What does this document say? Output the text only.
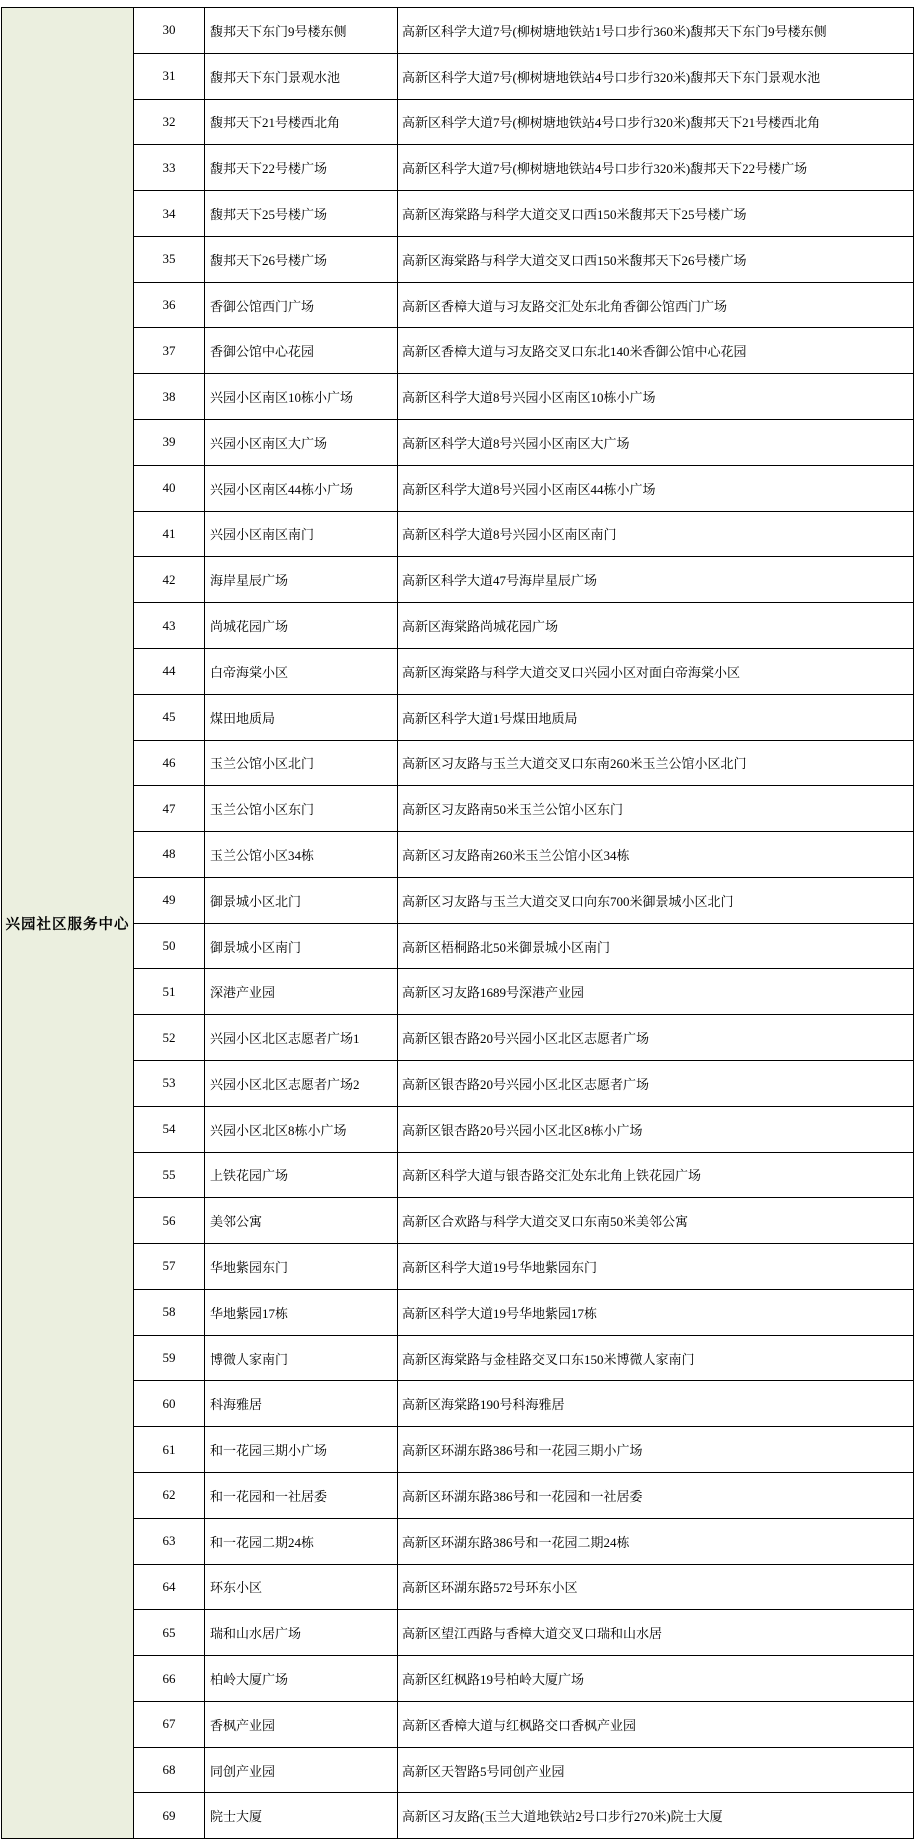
兴园社区服务中心
30	馥邦天下东门9号楼东侧	高新区科学大道7号(柳树塘地铁站1号口步行360米)馥邦天下东门9号楼东侧
31	馥邦天下东门景观水池	高新区科学大道7号(柳树塘地铁站4号口步行320米)馥邦天下东门景观水池
32	馥邦天下21号楼西北角	高新区科学大道7号(柳树塘地铁站4号口步行320米)馥邦天下21号楼西北角
33	馥邦天下22号楼广场	高新区科学大道7号(柳树塘地铁站4号口步行320米)馥邦天下22号楼广场
34	馥邦天下25号楼广场	高新区海棠路与科学大道交叉口西150米馥邦天下25号楼广场
35	馥邦天下26号楼广场	高新区海棠路与科学大道交叉口西150米馥邦天下26号楼广场
36	香御公馆西门广场	高新区香樟大道与习友路交汇处东北角香御公馆西门广场
37	香御公馆中心花园	高新区香樟大道与习友路交叉口东北140米香御公馆中心花园
38	兴园小区南区10栋小广场	高新区科学大道8号兴园小区南区10栋小广场
39	兴园小区南区大广场	高新区科学大道8号兴园小区南区大广场
40	兴园小区南区44栋小广场	高新区科学大道8号兴园小区南区44栋小广场
41	兴园小区南区南门	高新区科学大道8号兴园小区南区南门
42	海岸星辰广场	高新区科学大道47号海岸星辰广场
43	尚城花园广场	高新区海棠路尚城花园广场
44	白帝海棠小区	高新区海棠路与科学大道交叉口兴园小区对面白帝海棠小区
45	煤田地质局	高新区科学大道1号煤田地质局
46	玉兰公馆小区北门	高新区习友路与玉兰大道交叉口东南260米玉兰公馆小区北门
47	玉兰公馆小区东门	高新区习友路南50米玉兰公馆小区东门
48	玉兰公馆小区34栋	高新区习友路南260米玉兰公馆小区34栋
49	御景城小区北门	高新区习友路与玉兰大道交叉口向东700米御景城小区北门
50	御景城小区南门	高新区梧桐路北50米御景城小区南门
51	深港产业园	高新区习友路1689号深港产业园
52	兴园小区北区志愿者广场1	高新区银杏路20号兴园小区北区志愿者广场
53	兴园小区北区志愿者广场2	高新区银杏路20号兴园小区北区志愿者广场
54	兴园小区北区8栋小广场	高新区银杏路20号兴园小区北区8栋小广场
55	上铁花园广场	高新区科学大道与银杏路交汇处东北角上铁花园广场
56	美邻公寓	高新区合欢路与科学大道交叉口东南50米美邻公寓
57	华地紫园东门	高新区科学大道19号华地紫园东门
58	华地紫园17栋	高新区科学大道19号华地紫园17栋
59	博微人家南门	高新区海棠路与金桂路交叉口东150米博微人家南门
60	科海雅居	高新区海棠路190号科海雅居
61	和一花园三期小广场	高新区环湖东路386号和一花园三期小广场
62	和一花园和一社居委	高新区环湖东路386号和一花园和一社居委
63	和一花园二期24栋	高新区环湖东路386号和一花园二期24栋
64	环东小区	高新区环湖东路572号环东小区
65	瑞和山水居广场	高新区望江西路与香樟大道交叉口瑞和山水居
66	柏岭大厦广场	高新区红枫路19号柏岭大厦广场
67	香枫产业园	高新区香樟大道与红枫路交口香枫产业园
68	同创产业园	高新区天智路5号同创产业园
69	院士大厦	高新区习友路(玉兰大道地铁站2号口步行270米)院士大厦
